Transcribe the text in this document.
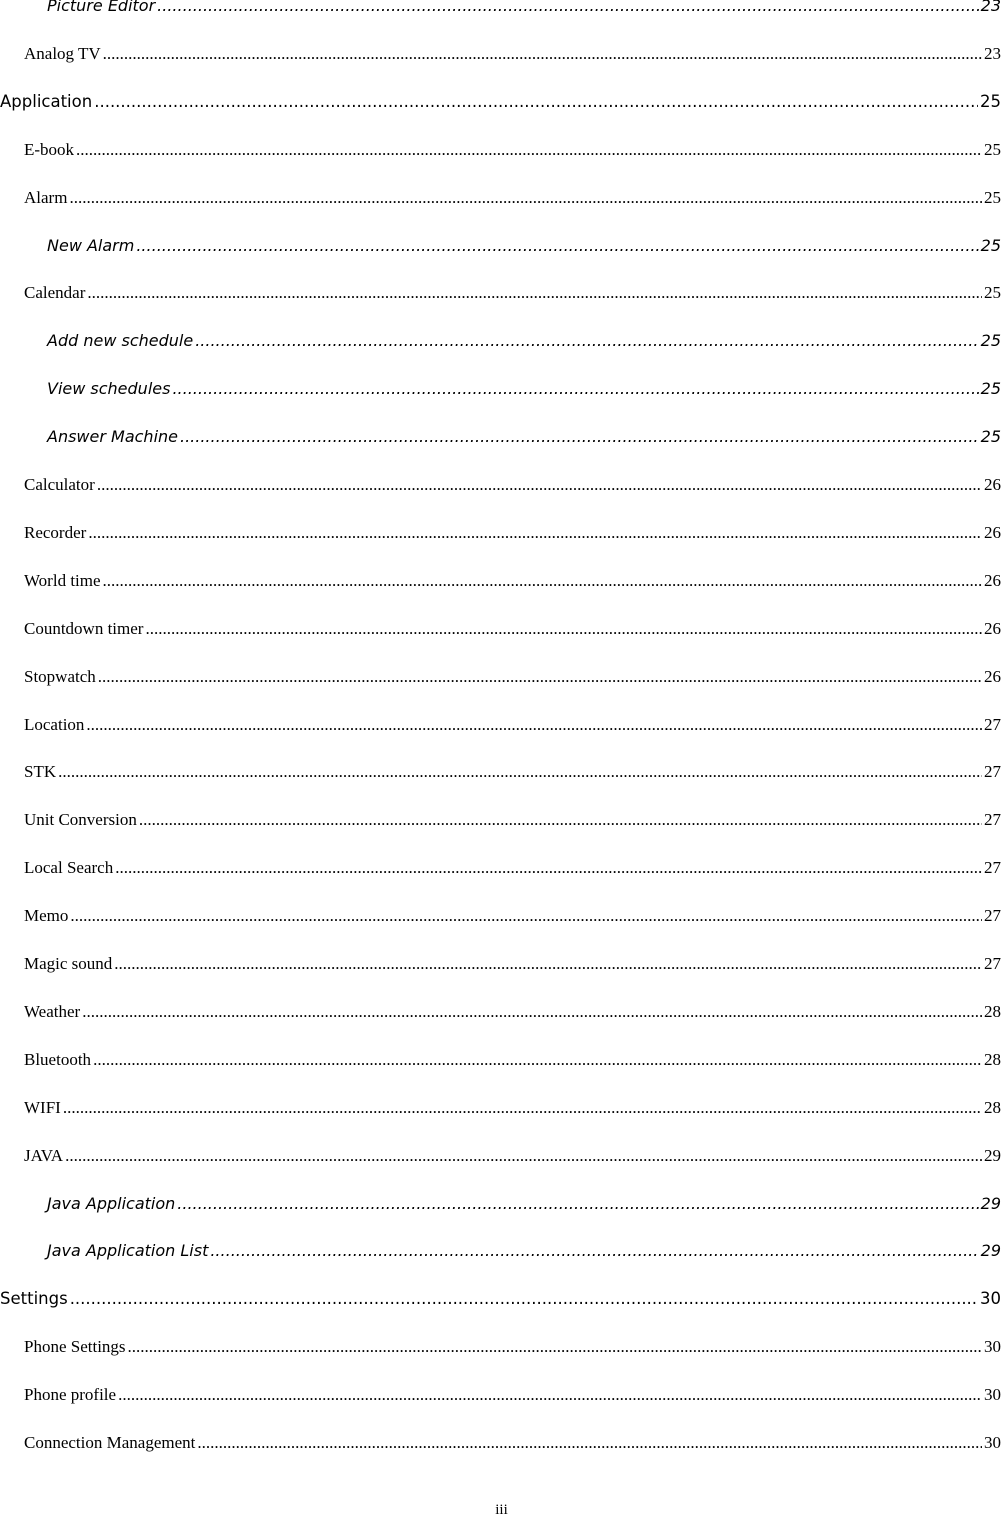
Picture Editor .....	23
Analog TV .....	23
Application .....	25
E-book .....	25
Alarm .....	25
New Alarm .....	25
Calendar .....	25
Add new schedule .....	25
View schedules .....	25
Answer Machine .....	25
Calculator .....	26
Recorder .....	26
World time .....	26
Countdown timer .....	26
Stopwatch .....	26
Location .....	27
STK .....	27
Unit Conversion .....	27
Local Search .....	27
Memo .....	27
Magic sound .....	27
Weather .....	28
Bluetooth .....	28
WIFI .....	28
JAVA .....	29
Java Application .....	29
Java Application List .....	29
Settings .....	30
Phone Settings .....	30
Phone profile .....	30
Connection Management .....	30
iii
